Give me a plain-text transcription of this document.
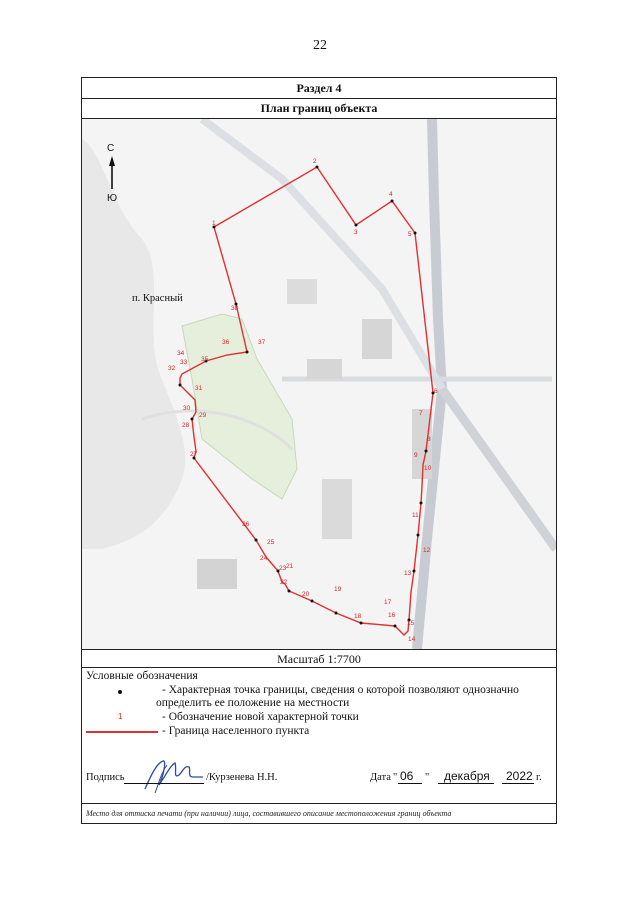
22
Раздел 4
План границ объекта
1
2
3
4
5
6
7
8
9
10
11
12
13
14
15
16
17
18
19
20
21
22
23
24
25
26
27
28
29
30
31
32
33
34
35
36	37
38
С
Ю
п. Красный
Масштаб 1:7700
Условные обозначения
- Характерная точка границы, сведения о которой позволяют однозначно
определить ее положение на местности
1	- Обозначение новой характерной точки
- Граница населенного пункта
Подпись	/Курзенева Н.Н.	Дата " 06 " декабря 2022 г.
Место для оттиска печати (при наличии) лица, составившего описание местоположения границ объекта
